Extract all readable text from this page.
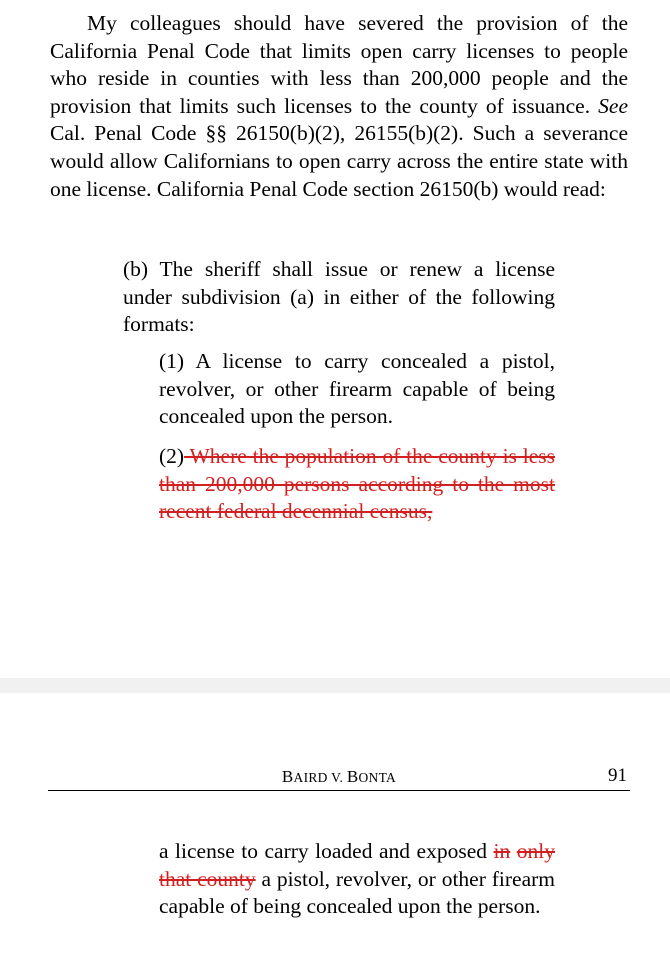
My colleagues should have severed the provision of the California Penal Code that limits open carry licenses to people who reside in counties with less than 200,000 people and the provision that limits such licenses to the county of issuance. See Cal. Penal Code §§ 26150(b)(2), 26155(b)(2). Such a severance would allow Californians to open carry across the entire state with one license. California Penal Code section 26150(b) would read:

(b) The sheriff shall issue or renew a license under subdivision (a) in either of the following formats:

(1) A license to carry concealed a pistol, revolver, or other firearm capable of being concealed upon the person.

(2) Where the population of the county is less than 200,000 persons according to the most recent federal decennial census,

BAIRD V. BONTA	91

a license to carry loaded and exposed in only that county a pistol, revolver, or other firearm capable of being concealed upon the person.
